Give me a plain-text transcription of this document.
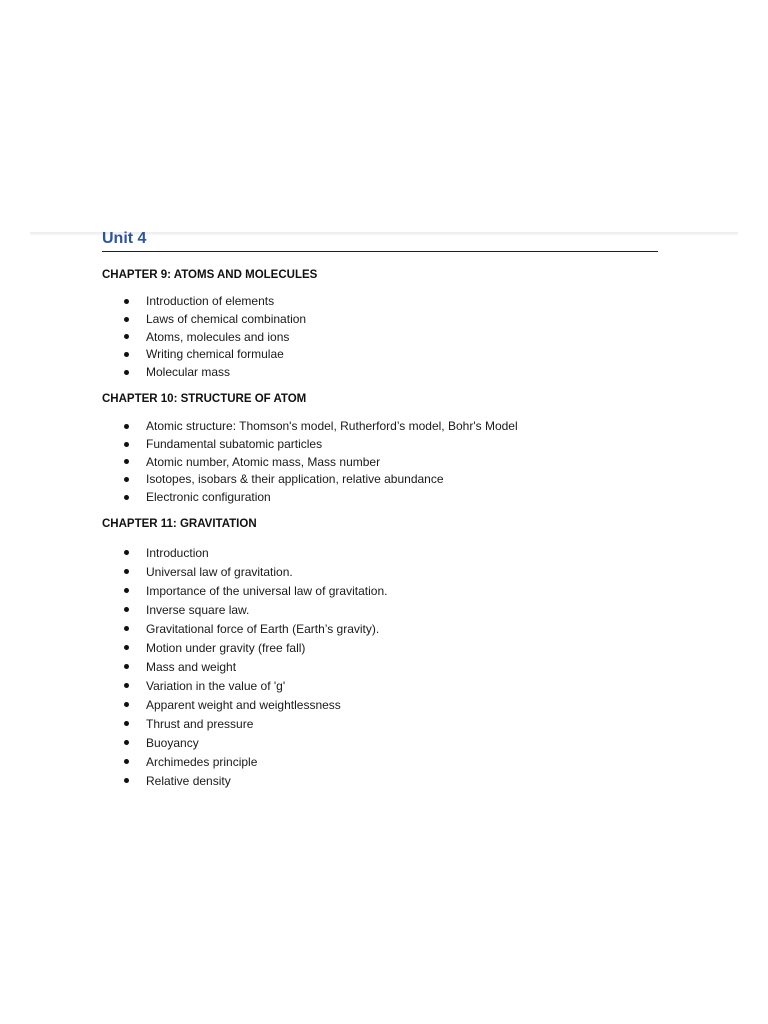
Unit 4
CHAPTER 9: ATOMS AND MOLECULES
Introduction of elements
Laws of chemical combination
Atoms, molecules and ions
Writing chemical formulae
Molecular mass
CHAPTER 10: STRUCTURE OF ATOM
Atomic structure: Thomson's model, Rutherford’s model, Bohr's Model
Fundamental subatomic particles
Atomic number, Atomic mass, Mass number
Isotopes, isobars & their application, relative abundance
Electronic configuration
CHAPTER 11: GRAVITATION
Introduction
Universal law of gravitation.
Importance of the universal law of gravitation.
Inverse square law.
Gravitational force of Earth (Earth’s gravity).
Motion under gravity (free fall)
Mass and weight
Variation in the value of 'g'
Apparent weight and weightlessness
Thrust and pressure
Buoyancy
Archimedes principle
Relative density
